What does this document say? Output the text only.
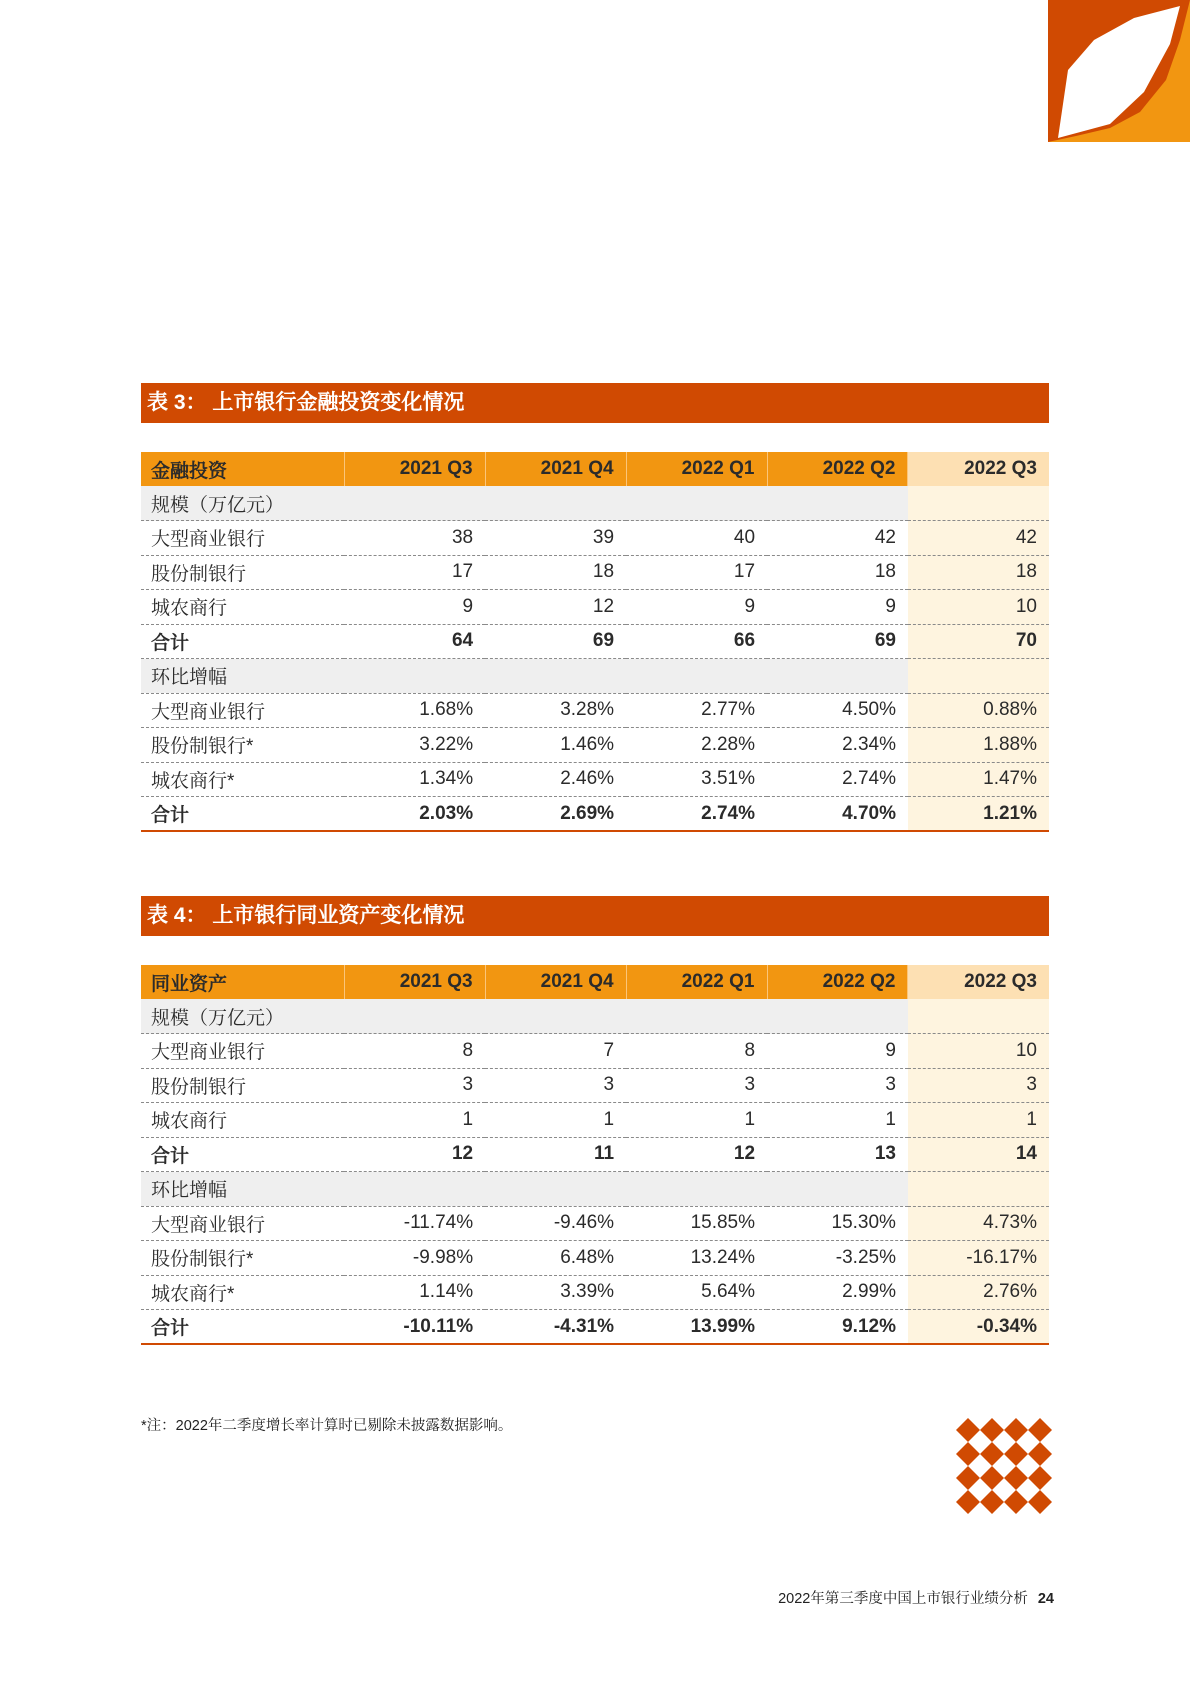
表 3： 上市银行金融投资变化情况
金融投资	2021 Q3	2021 Q4	2022 Q1	2022 Q2	2022 Q3
规模（万亿元）					
大型商业银行	38	39	40	42	42
股份制银行	17	18	17	18	18
城农商行	9	12	9	9	10
合计	64	69	66	69	70
环比增幅					
大型商业银行	1.68%	3.28%	2.77%	4.50%	0.88%
股份制银行*	3.22%	1.46%	2.28%	2.34%	1.88%
城农商行*	1.34%	2.46%	3.51%	2.74%	1.47%
合计	2.03%	2.69%	2.74%	4.70%	1.21%
表 4： 上市银行同业资产变化情况
同业资产	2021 Q3	2021 Q4	2022 Q1	2022 Q2	2022 Q3
规模（万亿元）					
大型商业银行	8	7	8	9	10
股份制银行	3	3	3	3	3
城农商行	1	1	1	1	1
合计	12	11	12	13	14
环比增幅					
大型商业银行	-11.74%	-9.46%	15.85%	15.30%	4.73%
股份制银行*	-9.98%	6.48%	13.24%	-3.25%	-16.17%
城农商行*	1.14%	3.39%	5.64%	2.99%	2.76%
合计	-10.11%	-4.31%	13.99%	9.12%	-0.34%
*注：2022年二季度增长率计算时已剔除未披露数据影响。
2022年第三季度中国上市银行业绩分析 24
